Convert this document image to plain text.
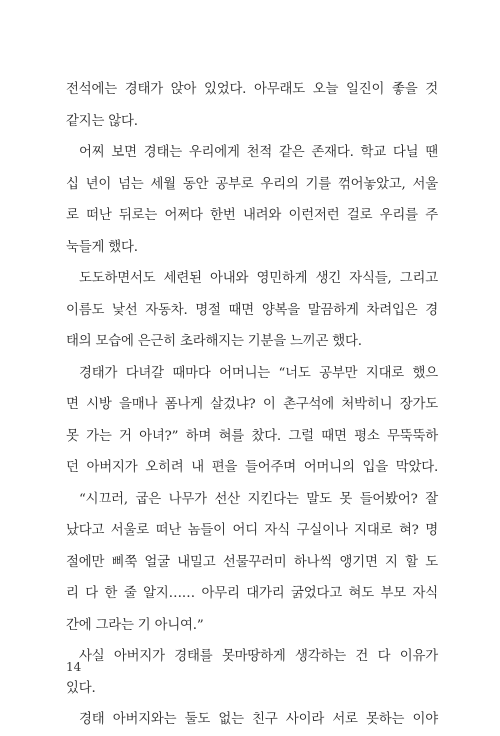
전석에는 경태가 앉아 있었다. 아무래도 오늘 일진이 좋을 것
같지는 않다.
어찌 보면 경태는 우리에게 천적 같은 존재다. 학교 다닐 땐
십 년이 넘는 세월 동안 공부로 우리의 기를 꺾어놓았고, 서울
로 떠난 뒤로는 어쩌다 한번 내려와 이런저런 걸로 우리를 주
눅들게 했다.
도도하면서도 세련된 아내와 영민하게 생긴 자식들, 그리고
이름도 낯선 자동차. 명절 때면 양복을 말끔하게 차려입은 경
태의 모습에 은근히 초라해지는 기분을 느끼곤 했다.
경태가 다녀갈 때마다 어머니는 “너도 공부만 지대로 했으
면 시방 을매나 폼나게 살겄냐? 이 촌구석에 처박히니 장가도
못 가는 거 아녀?” 하며 혀를 찼다. 그럴 때면 평소 무뚝뚝하
던 아버지가 오히려 내 편을 들어주며 어머니의 입을 막았다.
“시끄러, 굽은 나무가 선산 지킨다는 말도 못 들어봤어? 잘
났다고 서울로 떠난 놈들이 어디 자식 구실이나 지대로 혀? 명
절에만 삐쭉 얼굴 내밀고 선물꾸러미 하나씩 앵기면 지 할 도
리 다 한 줄 알지…… 아무리 대가리 굵었다고 혀도 부모 자식
간에 그라는 기 아니여.”
사실 아버지가 경태를 못마땅하게 생각하는 건 다 이유가
있다.
경태 아버지와는 둘도 없는 친구 사이라 서로 못하는 이야
14
